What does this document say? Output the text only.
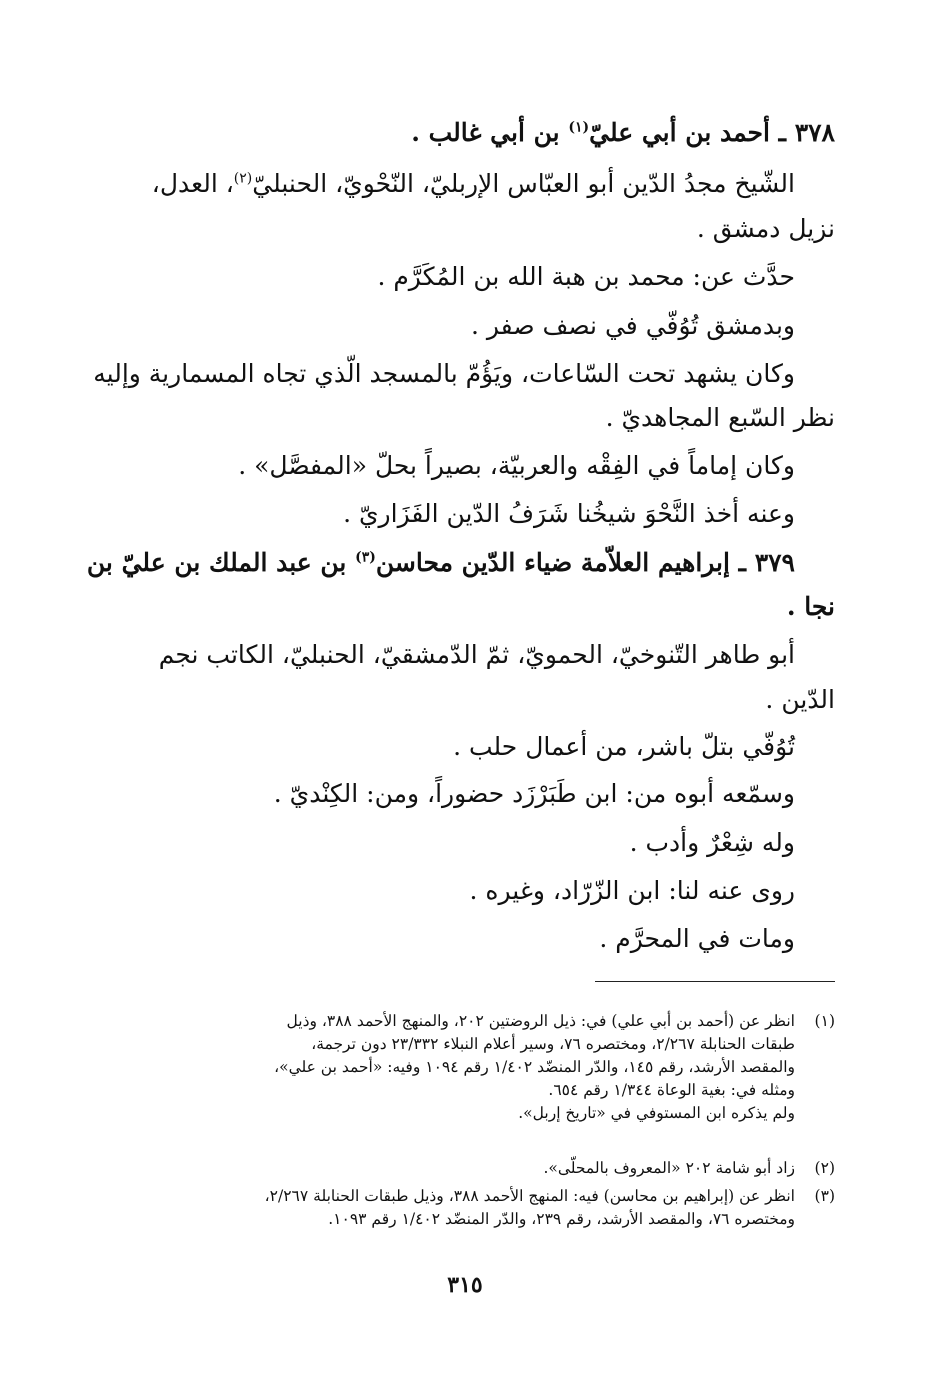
٣٧٨ ـ أحمد بن أبي عليّ$^{(١)}$ بن أبي غالب .
الشّيخ مجدُ الدّين أبو العبّاس الإربليّ، النّحْويّ، الحنبليّ$^{(٢)}$، العدل،
نزيل دمشق .
حدَّث عن: محمد بن هبة الله بن المُكَرَّم .
وبدمشق تُوُفّي في نصف صفر .
وكان يشهد تحت السّاعات، ويَؤُمّ بالمسجد الّذي تجاه المسمارية وإليه
نظر السّبع المجاهديّ .
وكان إماماً في الفِقْه والعربيّة، بصيراً بحلّ «المفصَّل» .
وعنه أخذ النَّحْوَ شيخُنا شَرَفُ الدّين الفَزَاريّ .
٣٧٩ ـ إبراهيم العلاّمة ضياء الدّين محاسن$^{(٣)}$ بن عبد الملك بن عليّ بن
نجا .
أبو طاهر التّنوخيّ، الحمويّ، ثمّ الدّمشقيّ، الحنبليّ، الكاتب نجم
الدّين .
تُوُفّي بتلّ باشر، من أعمال حلب .
وسمّعه أبوه من: ابن طَبَرْزَد حضوراً، ومن: الكِنْديّ .
وله شِعْرٌ وأدب .
روى عنه لنا: ابن الزّرّاد، وغيره .
ومات في المحرَّم .
(١)
انظر عن (أحمد بن أبي علي) في: ذيل الروضتين ٢٠٢، والمنهج الأحمد ٣٨٨، وذيل
طبقات الحنابلة ٢/٢٦٧، ومختصره ٧٦، وسير أعلام النبلاء ٢٣/٣٣٢ دون ترجمة،
والمقصد الأرشد، رقم ١٤٥، والدّر المنضّد ١/٤٠٢ رقم ١٠٩٤ وفيه: «أحمد بن علي»،
ومثله في: بغية الوعاة ١/٣٤٤ رقم ٦٥٤.
ولم يذكره ابن المستوفي في «تاريخ إربل».
(٢)
زاد أبو شامة ٢٠٢ «المعروف بالمحلّى».
(٣)
انظر عن (إبراهيم بن محاسن) فيه: المنهج الأحمد ٣٨٨، وذيل طبقات الحنابلة ٢/٢٦٧،
ومختصره ٧٦، والمقصد الأرشد، رقم ٢٣٩، والدّر المنضّد ١/٤٠٢ رقم ١٠٩٣.
٣١٥
